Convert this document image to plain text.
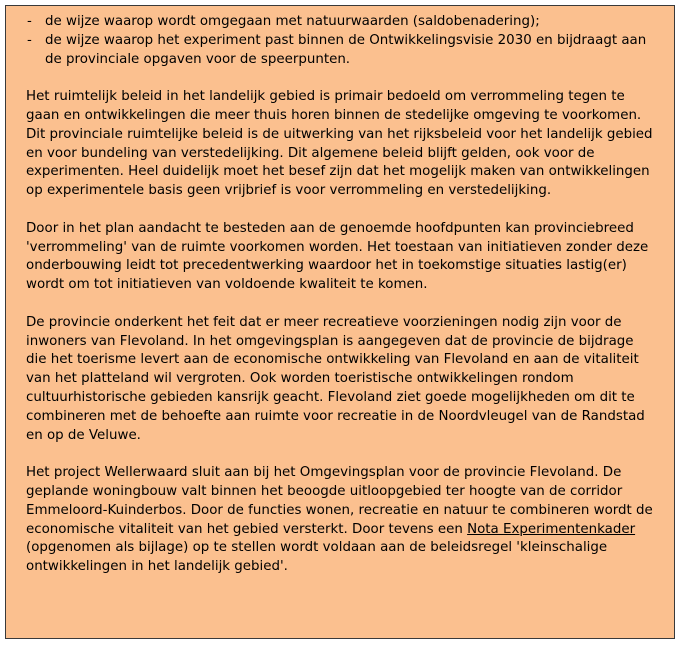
- de wijze waarop wordt omgegaan met natuurwaarden (saldobenadering);
- de wijze waarop het experiment past binnen de Ontwikkelingsvisie 2030 en bijdraagt aan de provinciale opgaven voor de speerpunten.

Het ruimtelijk beleid in het landelijk gebied is primair bedoeld om verrommeling tegen te gaan en ontwikkelingen die meer thuis horen binnen de stedelijke omgeving te voorkomen. Dit provinciale ruimtelijke beleid is de uitwerking van het rijksbeleid voor het landelijk gebied en voor bundeling van verstedelijking. Dit algemene beleid blijft gelden, ook voor de experimenten. Heel duidelijk moet het besef zijn dat het mogelijk maken van ontwikkelingen op experimentele basis geen vrijbrief is voor verrommeling en verstedelijking.

Door in het plan aandacht te besteden aan de genoemde hoofdpunten kan provinciebreed 'verrommeling' van de ruimte voorkomen worden. Het toestaan van initiatieven zonder deze onderbouwing leidt tot precedentwerking waardoor het in toekomstige situaties lastig(er) wordt om tot initiatieven van voldoende kwaliteit te komen.

De provincie onderkent het feit dat er meer recreatieve voorzieningen nodig zijn voor de inwoners van Flevoland. In het omgevingsplan is aangegeven dat de provincie de bijdrage die het toerisme levert aan de economische ontwikkeling van Flevoland en aan de vitaliteit van het platteland wil vergroten. Ook worden toeristische ontwikkelingen rondom cultuurhistorische gebieden kansrijk geacht. Flevoland ziet goede mogelijkheden om dit te combineren met de behoefte aan ruimte voor recreatie in de Noordvleugel van de Randstad en op de Veluwe.

Het project Wellerwaard sluit aan bij het Omgevingsplan voor de provincie Flevoland. De geplande woningbouw valt binnen het beoogde uitloopgebied ter hoogte van de corridor Emmeloord-Kuinderbos. Door de functies wonen, recreatie en natuur te combineren wordt de economische vitaliteit van het gebied versterkt. Door tevens een Nota Experimentenkader (opgenomen als bijlage) op te stellen wordt voldaan aan de beleidsregel 'kleinschalige ontwikkelingen in het landelijk gebied'.
